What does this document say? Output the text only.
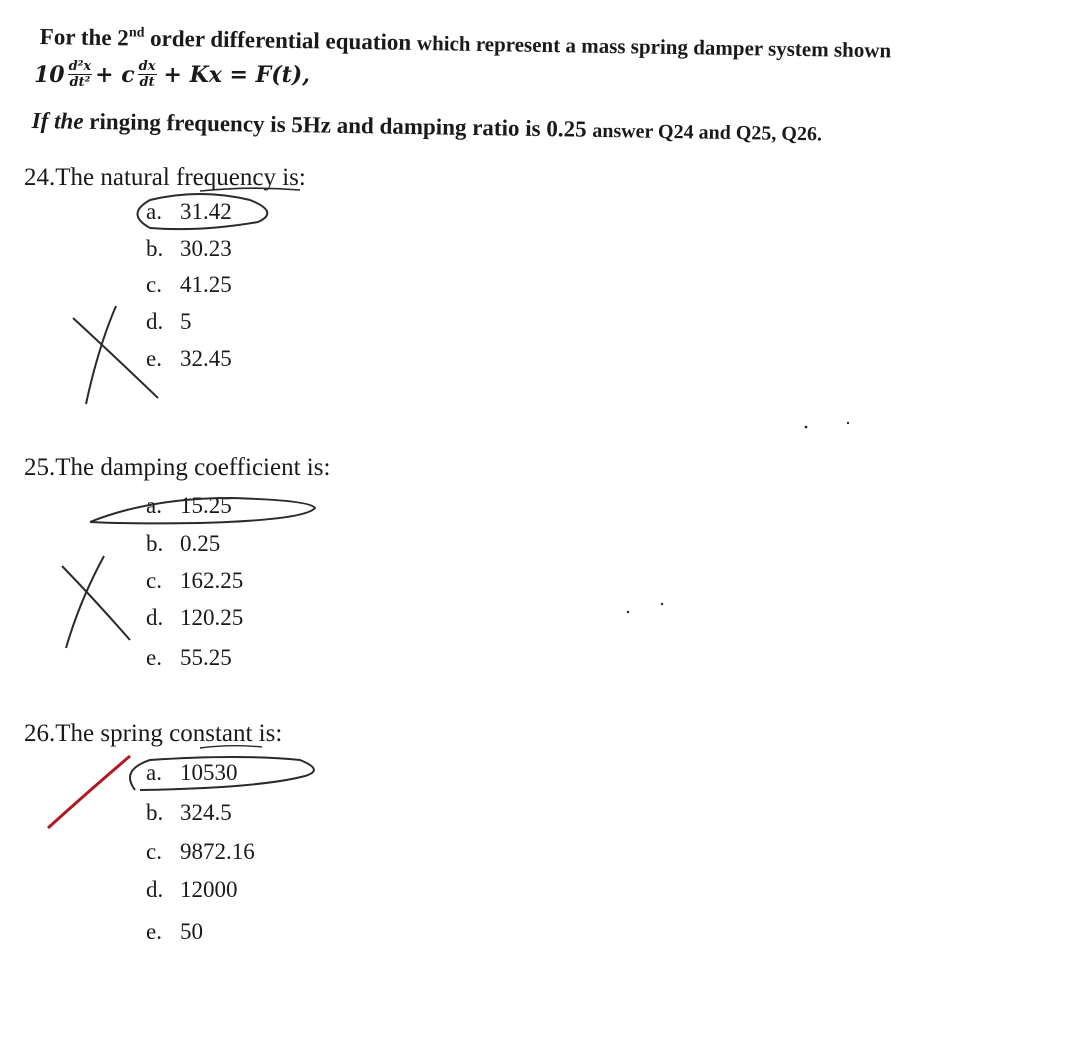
For the 2nd order differential equation which represent a mass spring damper system shown
$10 \frac{\text{d²x}}{\text{dt²}} + c \frac{dx}{dt} + Kx = F(t)$,
If the ringing frequency is 5Hz and damping ratio is 0.25 answer Q24 and Q25, Q26.
24.The natural frequency is:
a. 31.42
b. 30.23
c. 41.25
d. 5
e. 32.45
25.The damping coefficient is:
a. 15.25
b. 0.25
c. 162.25
d. 120.25
e. 55.25
26.The spring constant is:
a. 10530
b. 324.5
c. 9872.16
d. 12000
e. 50
